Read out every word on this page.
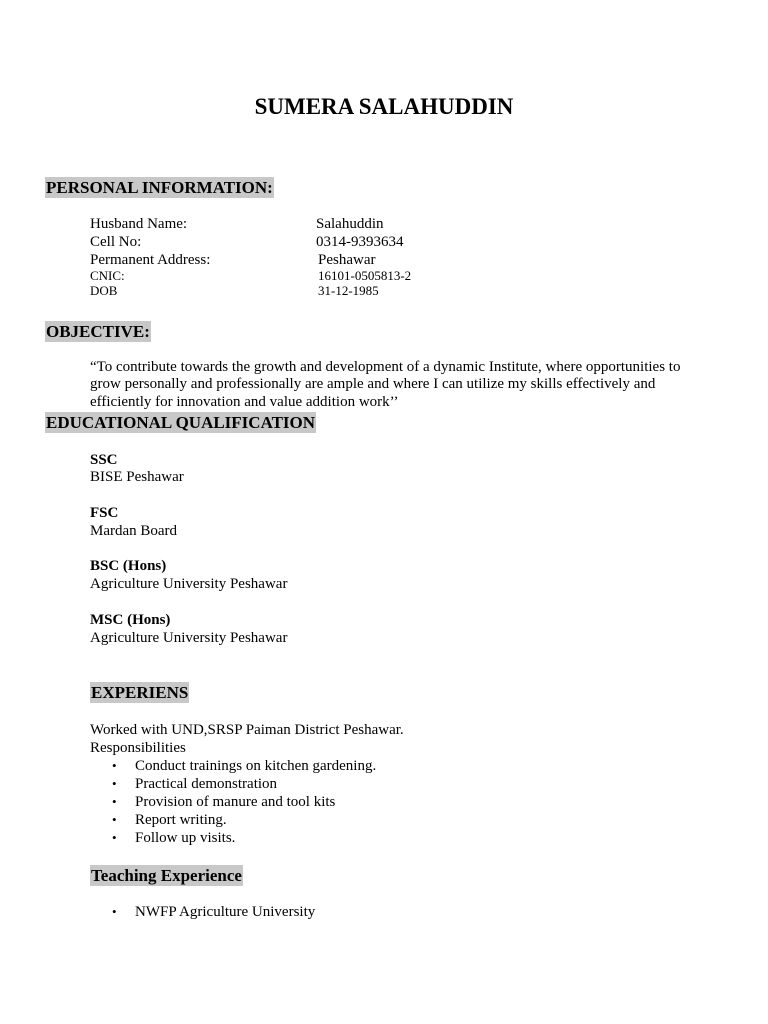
SUMERA SALAHUDDIN
PERSONAL INFORMATION:
Husband Name:	Salahuddin
Cell No:	0314-9393634
Permanent Address:	Peshawar
CNIC:	16101-0505813-2
DOB	31-12-1985
OBJECTIVE:
“To contribute towards the growth and development of a dynamic Institute, where opportunities to grow personally and professionally are ample and where I can utilize my skills effectively and efficiently for innovation and value addition work’’
EDUCATIONAL QUALIFICATION
SSC
BISE Peshawar
FSC
Mardan Board
BSC (Hons)
Agriculture University Peshawar
MSC (Hons)
Agriculture University Peshawar
EXPERIENS
Worked with UND,SRSP Paiman District Peshawar.
Responsibilities
• Conduct trainings on kitchen gardening.
• Practical demonstration
• Provision of manure and tool kits
• Report writing.
• Follow up visits.
Teaching Experience
• NWFP Agriculture University
